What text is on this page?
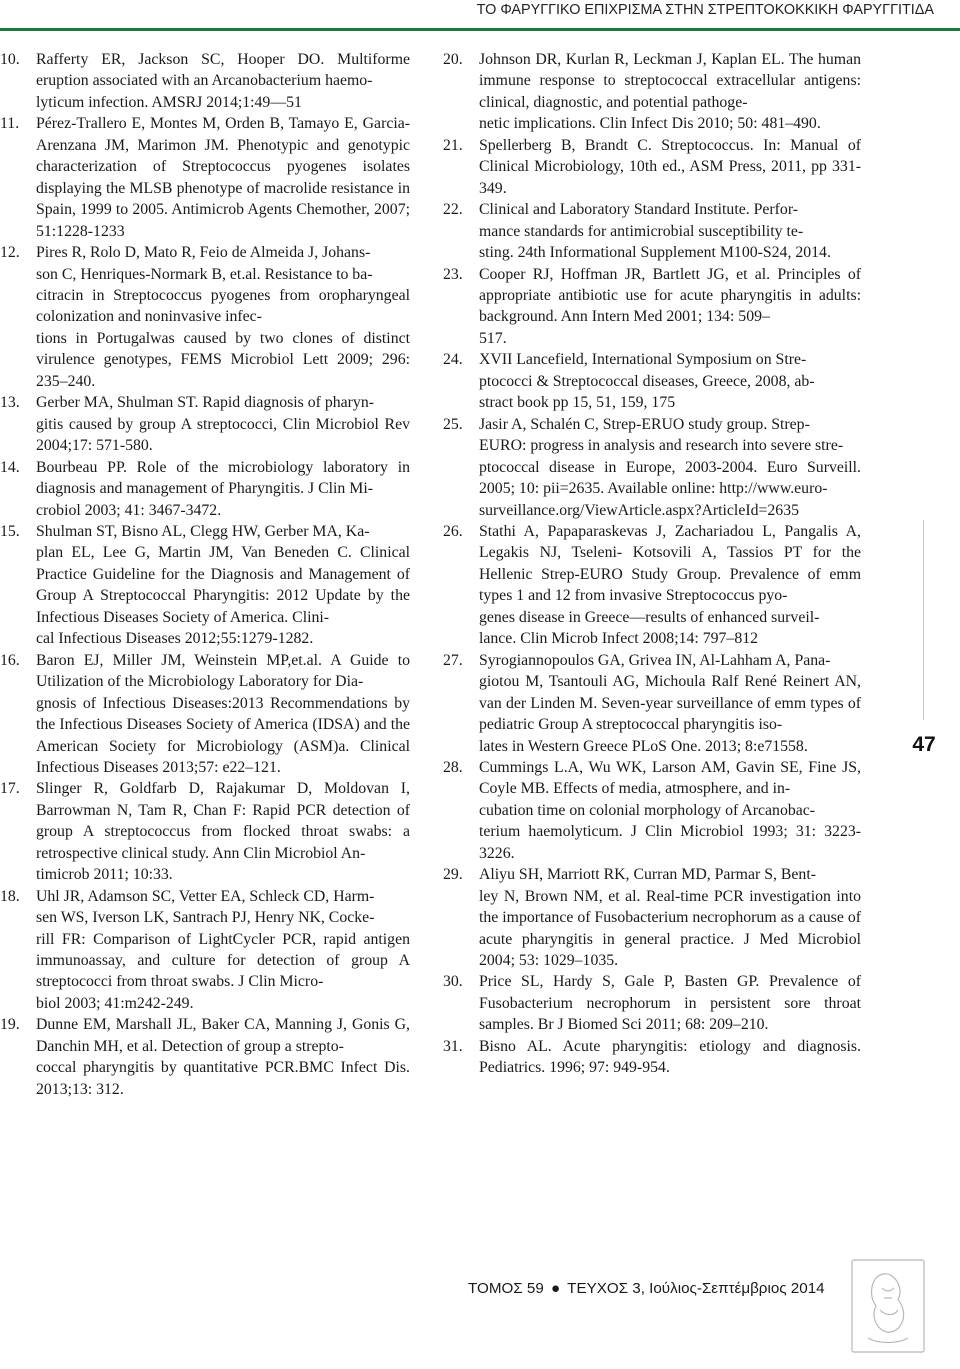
ΤΟ ΦΑΡΥΓΓΙΚΟ ΕΠΙΧΡΙΣΜΑ ΣΤΗΝ ΣΤΡΕΠΤΟΚΟΚΚΙΚΗ ΦΑΡΥΓΓΙΤΙΔΑ
10. Rafferty ER, Jackson SC, Hooper DO. Multiforme eruption associated with an Arcanobacterium haemo-
lyticum infection. AMSRJ 2014;1:49—51
11. Pérez-Trallero E, Montes M, Orden B, Tamayo E, Garcia-Arenzana JM, Marimon JM. Phenotypic and genotypic characterization of Streptococcus pyogenes isolates displaying the MLSB phenotype of macrolide resistance in Spain, 1999 to 2005. Antimicrob Agents Chemother, 2007; 51:1228-1233
12. Pires R, Rolo D, Mato R, Feio de Almeida J, Johans-
son C, Henriques-Normark B, et.al. Resistance to ba-
citracin in Streptococcus pyogenes from oropharyngeal colonization and noninvasive infec-
tions in Portugalwas caused by two clones of distinct virulence genotypes, FEMS Microbiol Lett 2009; 296: 235–240.
13. Gerber MA, Shulman ST. Rapid diagnosis of pharyn-
gitis caused by group A streptococci, Clin Microbiol Rev 2004;17: 571-580.
14. Bourbeau PP. Role of the microbiology laboratory in diagnosis and management of Pharyngitis. J Clin Mi-
crobiol 2003; 41: 3467-3472.
15. Shulman ST, Bisno AL, Clegg HW, Gerber MA, Ka-
plan EL, Lee G, Martin JM, Van Beneden C. Clinical Practice Guideline for the Diagnosis and Management of Group A Streptococcal Pharyngitis: 2012 Update by the Infectious Diseases Society of America. Clini-
cal Infectious Diseases 2012;55:1279-1282.
16. Baron EJ, Miller JM, Weinstein MP,et.al. A Guide to Utilization of the Microbiology Laboratory for Dia-
gnosis of Infectious Diseases:2013 Recommendations by the Infectious Diseases Society of America (IDSA) and the American Society for Microbiology (ASM)a. Clinical Infectious Diseases 2013;57: e22–121.
17. Slinger R, Goldfarb D, Rajakumar D, Moldovan I, Barrowman N, Tam R, Chan F: Rapid PCR detection of group A streptococcus from flocked throat swabs: a retrospective clinical study. Ann Clin Microbiol An-
timicrob 2011; 10:33.
18. Uhl JR, Adamson SC, Vetter EA, Schleck CD, Harm-
sen WS, Iverson LK, Santrach PJ, Henry NK, Cocke-
rill FR: Comparison of LightCycler PCR, rapid antigen immunoassay, and culture for detection of group A streptococci from throat swabs. J Clin Micro-
biol 2003; 41:m242-249.
19. Dunne EM, Marshall JL, Baker CA, Manning J, Gonis G, Danchin MH, et al. Detection of group a strepto-
coccal pharyngitis by quantitative PCR.BMC Infect Dis. 2013;13: 312.
20. Johnson DR, Kurlan R, Leckman J, Kaplan EL. The human immune response to streptococcal extracellular antigens: clinical, diagnostic, and potential pathoge-
netic implications. Clin Infect Dis 2010; 50: 481–490.
21. Spellerberg B, Brandt C. Streptococcus. In: Manual of Clinical Microbiology, 10th ed., ASM Press, 2011, pp 331-349.
22. Clinical and Laboratory Standard Institute. Perfor-
mance standards for antimicrobial susceptibility te-
sting. 24th Informational Supplement M100-S24, 2014.
23. Cooper RJ, Hoffman JR, Bartlett JG, et al. Principles of appropriate antibiotic use for acute pharyngitis in adults: background. Ann Intern Med 2001; 134: 509–
517.
24. XVII Lancefield, International Symposium on Stre-
ptococci & Streptococcal diseases, Greece, 2008, ab-
stract book pp 15, 51, 159, 175
25. Jasir A, Schalén C, Strep-ERUO study group. Strep-
EURO: progress in analysis and research into severe stre-
ptococcal disease in Europe, 2003-2004. Euro Surveill. 2005; 10: pii=2635. Available online: http://www.euro-
surveillance.org/ViewArticle.aspx?ArticleId=2635
26. Stathi A, Papaparaskevas J, Zachariadou L, Pangalis A, Legakis NJ, Tseleni- Kotsovili A, Tassios PT for the Hellenic Strep-EURO Study Group. Prevalence of emm types 1 and 12 from invasive Streptococcus pyo-
genes disease in Greece—results of enhanced surveil-
lance. Clin Microb Infect 2008;14: 797–812
27. Syrogiannopoulos GA, Grivea IN, Al-Lahham A, Pana-
giotou M, Tsantouli AG, Michoula Ralf René Reinert AN, van der Linden M. Seven-year surveillance of emm types of pediatric Group A streptococcal pharyngitis iso-
lates in Western Greece PLoS One. 2013; 8:e71558.
28. Cummings L.A, Wu WK, Larson AM, Gavin SE, Fine JS, Coyle MB. Effects of media, atmosphere, and in-
cubation time on colonial morphology of Arcanobac-
terium haemolyticum. J Clin Microbiol 1993; 31: 3223-3226.
29. Aliyu SH, Marriott RK, Curran MD, Parmar S, Bent-
ley N, Brown NM, et al. Real-time PCR investigation into the importance of Fusobacterium necrophorum as a cause of acute pharyngitis in general practice. J Med Microbiol 2004; 53: 1029–1035.
30. Price SL, Hardy S, Gale P, Basten GP. Prevalence of Fusobacterium necrophorum in persistent sore throat samples. Br J Biomed Sci 2011; 68: 209–210.
31. Bisno AL. Acute pharyngitis: etiology and diagnosis. Pediatrics. 1996; 97: 949-954.
47
ΤΟΜΟΣ 59 ● ΤΕΥΧΟΣ 3, Ιούλιος-Σεπτέμβριος 2014
